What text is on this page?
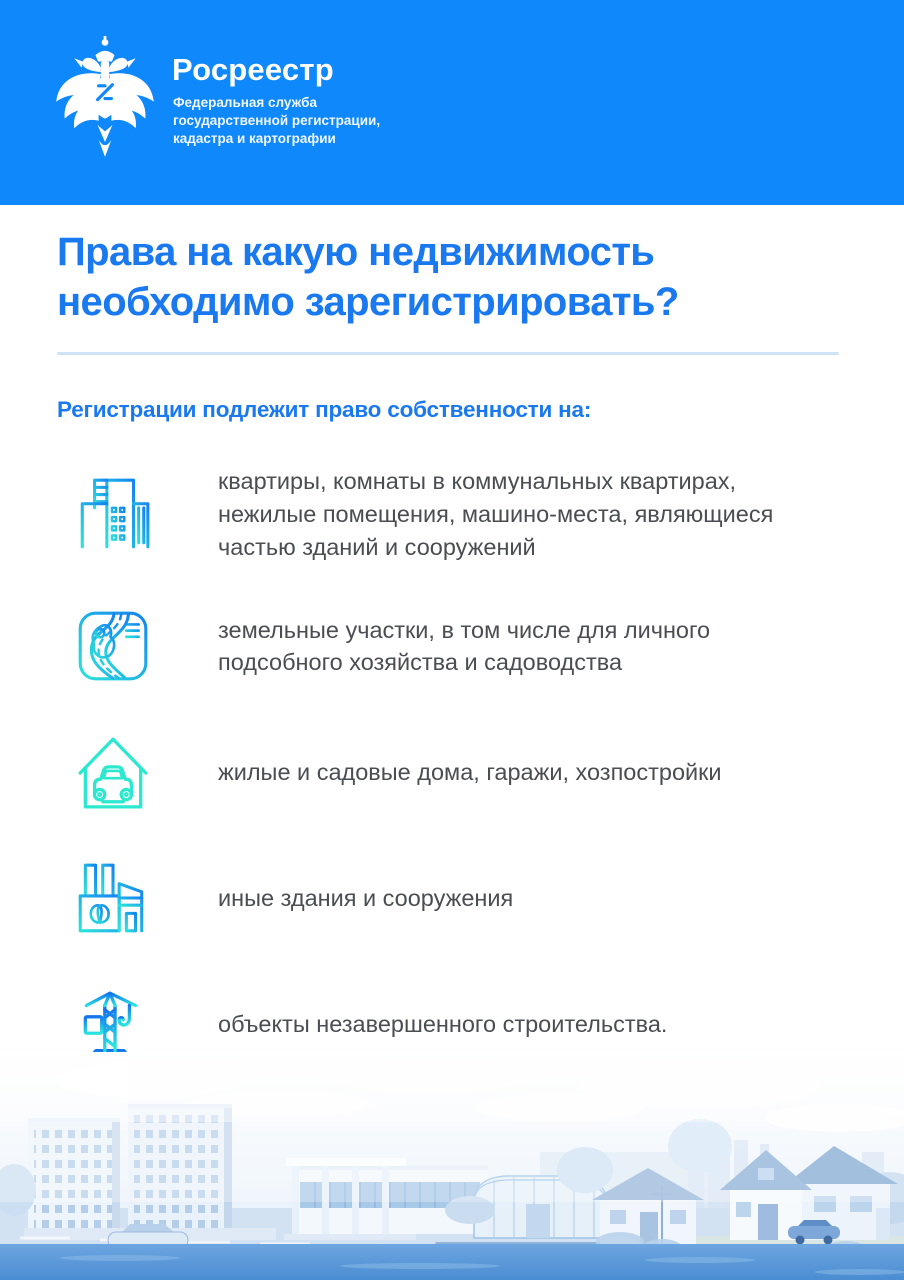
Росреестр
Федеральная служба
государственной регистрации,
кадастра и картографии
Права на какую недвижимость необходимо зарегистрировать?
Регистрации подлежит право собственности на:
квартиры, комнаты в коммунальных квартирах, нежилые помещения, машино-места, являющиеся частью зданий и сооружений
земельные участки, в том числе для личного подсобного хозяйства и садоводства
жилые и садовые дома, гаражи, хозпостройки
иные здания и сооружения
объекты незавершенного строительства.
